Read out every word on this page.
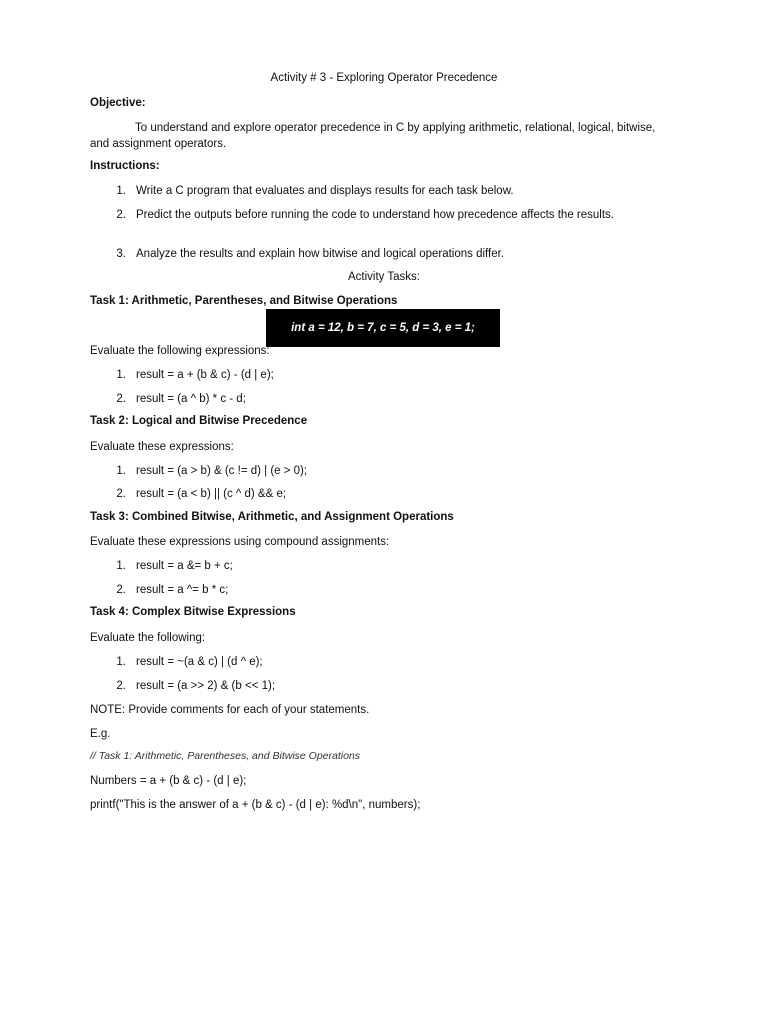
Activity # 3 - Exploring Operator Precedence
Objective:
To understand and explore operator precedence in C by applying arithmetic, relational, logical, bitwise, and assignment operators.
Instructions:
1. Write a C program that evaluates and displays results for each task below.
2. Predict the outputs before running the code to understand how precedence affects the results.
3. Analyze the results and explain how bitwise and logical operations differ.
Activity Tasks:
Task 1: Arithmetic, Parentheses, and Bitwise Operations
int a = 12, b = 7, c = 5, d = 3, e = 1;
Evaluate the following expressions:
1. result = a + (b & c) - (d | e);
2. result = (a ^ b) * c - d;
Task 2: Logical and Bitwise Precedence
Evaluate these expressions:
1. result = (a > b) & (c != d) | (e > 0);
2. result = (a < b) || (c ^ d) && e;
Task 3: Combined Bitwise, Arithmetic, and Assignment Operations
Evaluate these expressions using compound assignments:
1. result = a &= b + c;
2. result = a ^= b * c;
Task 4: Complex Bitwise Expressions
Evaluate the following:
1. result = ~(a & c) | (d ^ e);
2. result = (a >> 2) & (b << 1);
NOTE: Provide comments for each of your statements.
E.g.
// Task 1: Arithmetic, Parentheses, and Bitwise Operations
Numbers = a + (b & c) - (d | e);
printf("This is the answer of a + (b & c) - (d | e): %d\n", numbers);
